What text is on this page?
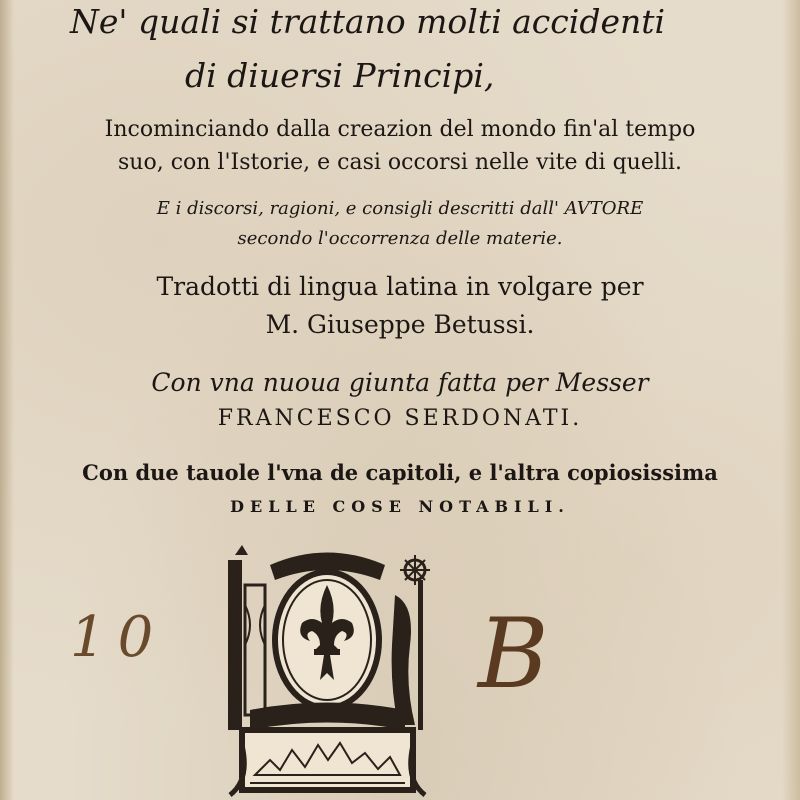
Ne' quali si trattano molti accidenti
di diuersi Principi,
Incominciando dalla creazion del mondo fin'al tempo
suo, con l'Istorie, e casi occorsi nelle vite di quelli.
E i discorsi, ragioni, e consigli descritti dall' AVTORE
secondo l'occorrenza delle materie.
Tradotti di lingua latina in volgare per
M. Giuseppe Betussi.
Con vna nuoua giunta fatta per Messer
FRANCESCO SERDONATI.
Con due tauole l'vna de capitoli, e l'altra copiosissima
DELLE COSE NOTABILI.
10	B
